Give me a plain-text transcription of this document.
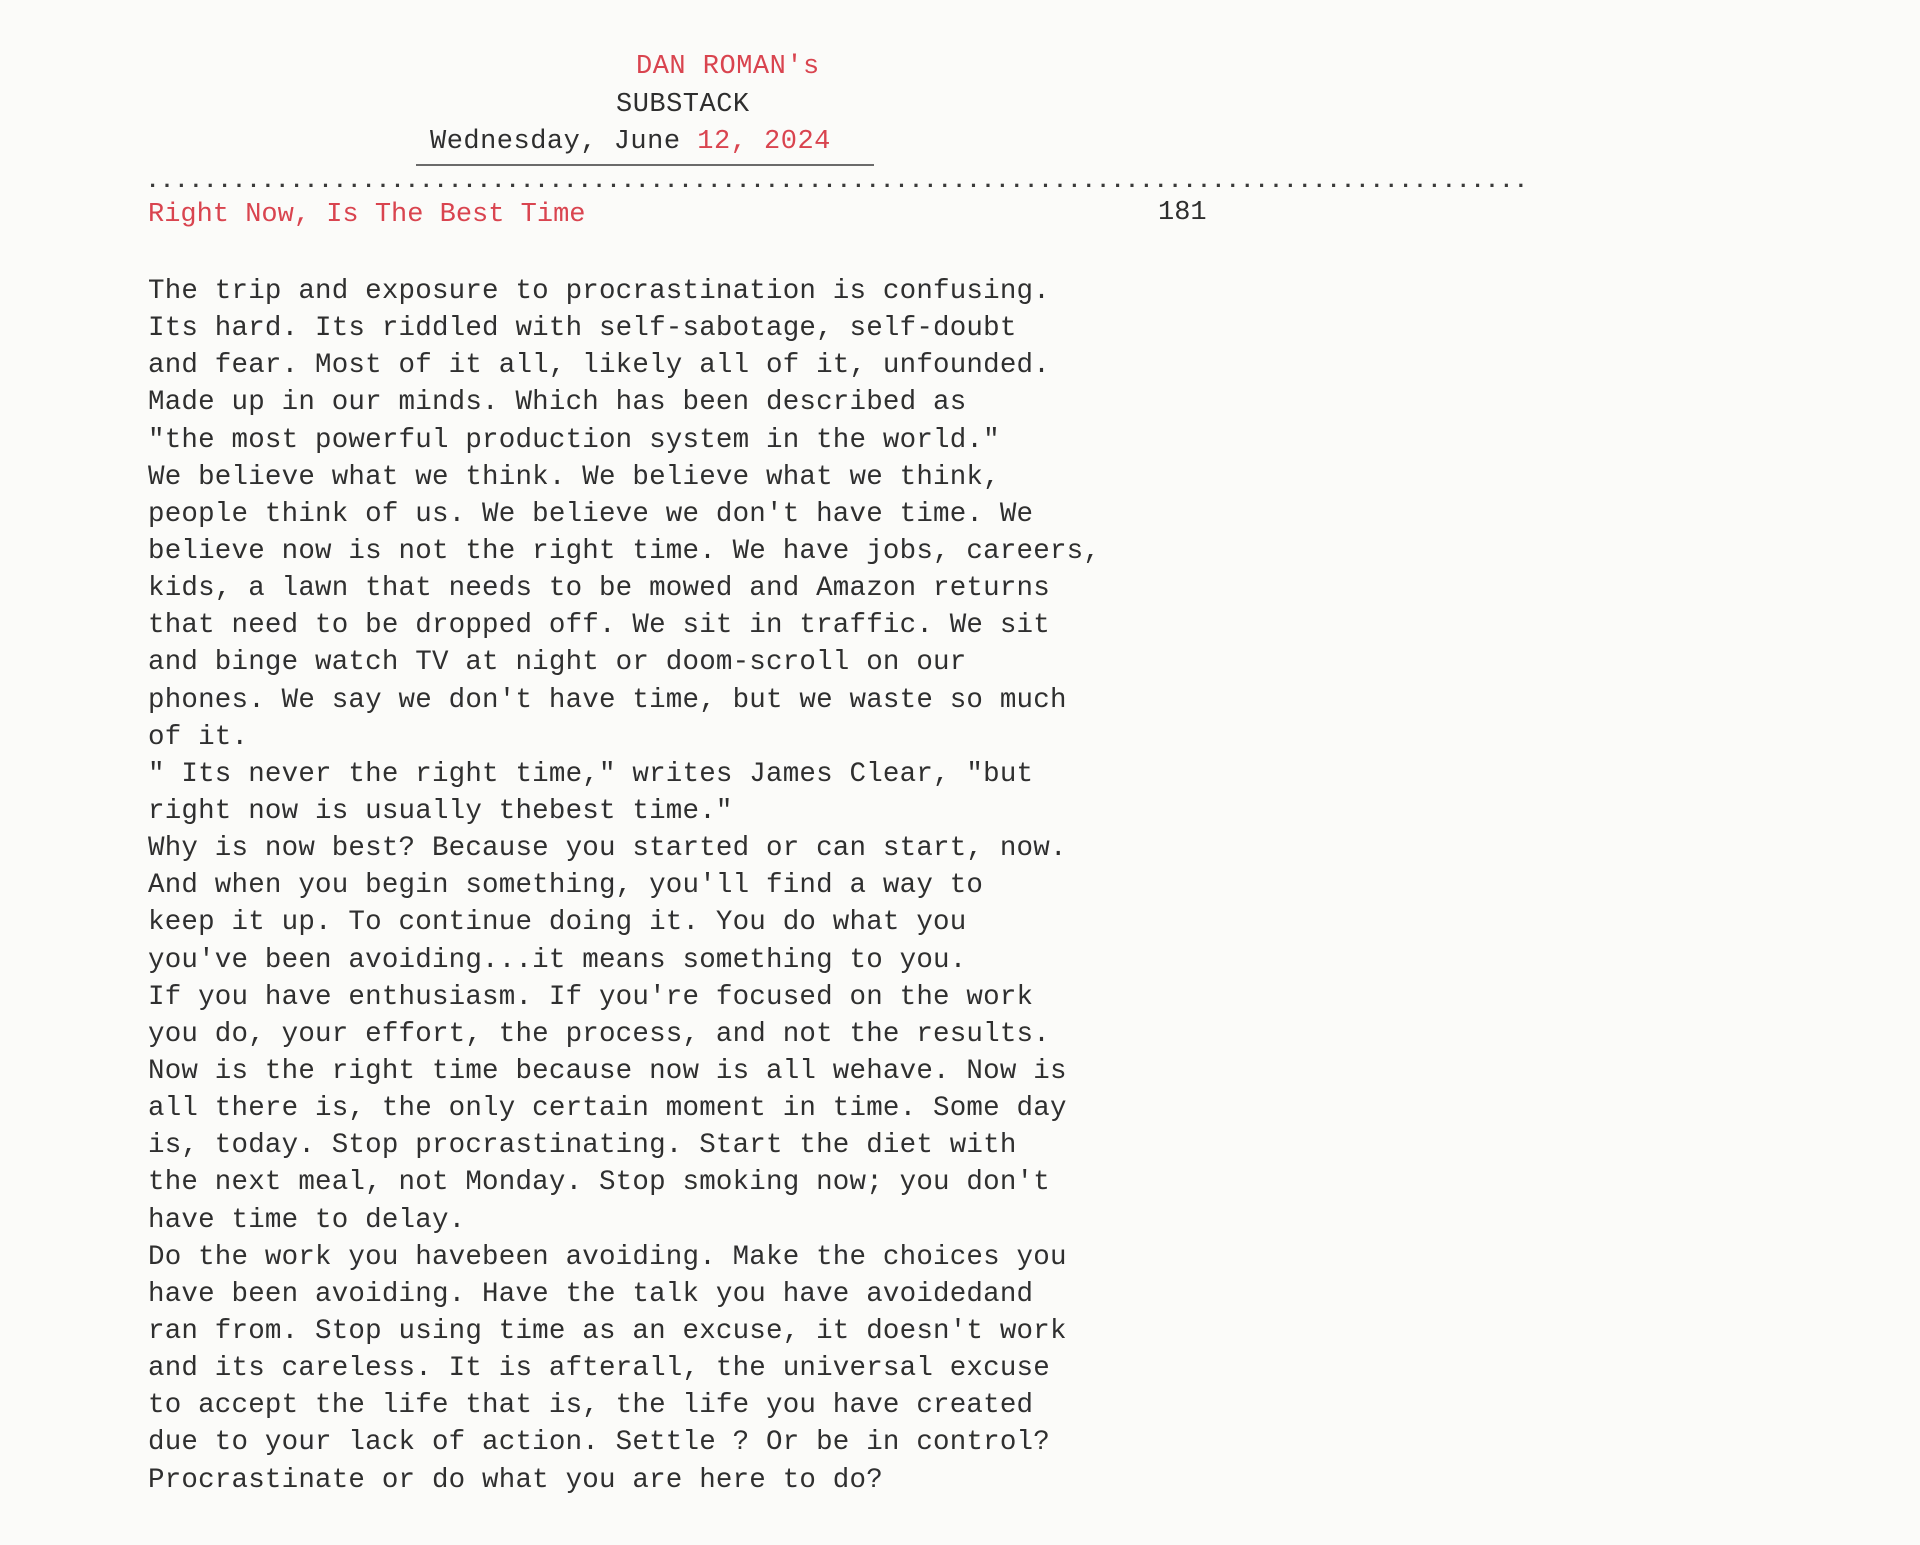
DAN ROMAN's
SUBSTACK
Wednesday, June 12, 2024
................................................................................................
Right Now, Is The Best Time	181
The trip and exposure to procrastination is confusing.
Its hard. Its riddled with self-sabotage, self-doubt
and fear. Most of it all, likely all of it, unfounded.
Made up in our minds. Which has been described as
"the most powerful production system in the world."
We believe what we think. We believe what we think,
people think of us. We believe we don't have time. We
believe now is not the right time. We have jobs, careers,
kids, a lawn that needs to be mowed and Amazon returns
that need to be dropped off. We sit in traffic. We sit
and binge watch TV at night or doom-scroll on our
phones. We say we don't have time, but we waste so much
of it.
" Its never the right time," writes James Clear, "but
right now is usually thebest time."
Why is now best? Because you started or can start, now.
And when you begin something, you'll find a way to
keep it up. To continue doing it. You do what you
you've been avoiding...it means something to you.
If you have enthusiasm. If you're focused on the work
you do, your effort, the process, and not the results.
Now is the right time because now is all wehave. Now is
all there is, the only certain moment in time. Some day
is, today. Stop procrastinating. Start the diet with
the next meal, not Monday. Stop smoking now; you don't
have time to delay.
Do the work you havebeen avoiding. Make the choices you
have been avoiding. Have the talk you have avoidedand
ran from. Stop using time as an excuse, it doesn't work
and its careless. It is afterall, the universal excuse
to accept the life that is, the life you have created
due to your lack of action. Settle ? Or be in control?
Procrastinate or do what you are here to do?
